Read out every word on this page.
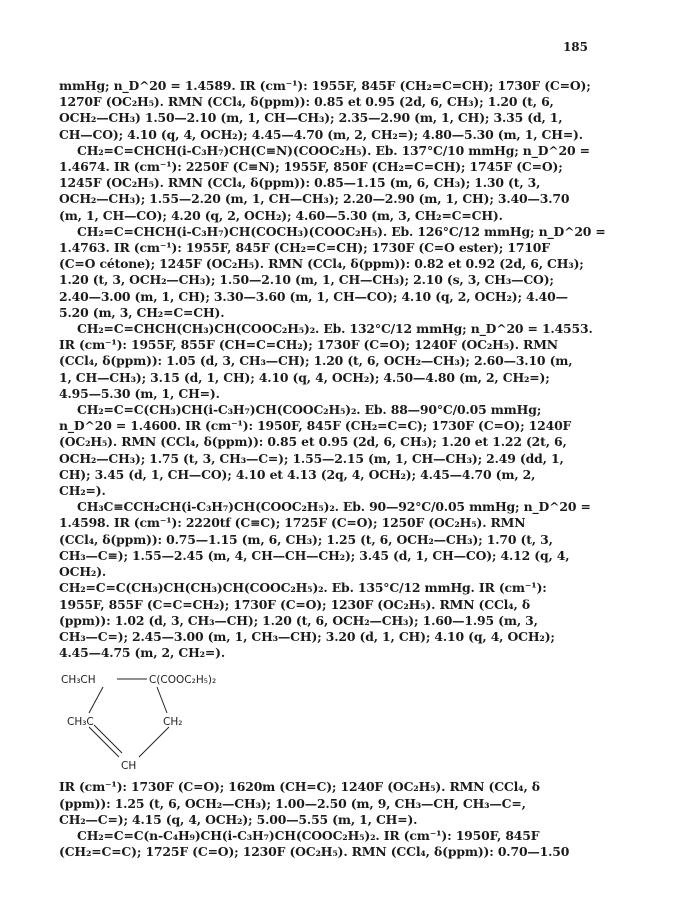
185
mmHg; n_D^20 = 1.4589. IR (cm⁻¹): 1955F, 845F (CH₂=C=CH); 1730F (C=O);
1270F (OC₂H₅). RMN (CCl₄, δ(ppm)): 0.85 et 0.95 (2d, 6, CH₃); 1.20 (t, 6,
OCH₂—CH₃) 1.50—2.10 (m, 1, CH—CH₃); 2.35—2.90 (m, 1, CH); 3.35 (d, 1,
CH—CO); 4.10 (q, 4, OCH₂); 4.45—4.70 (m, 2, CH₂=); 4.80—5.30 (m, 1, CH=).
CH₂=C=CHCH(i-C₃H₇)CH(C≡N)(COOC₂H₅). Eb. 137°C/10 mmHg; n_D^20 =
1.4674. IR (cm⁻¹): 2250F (C≡N); 1955F, 850F (CH₂=C=CH); 1745F (C=O);
1245F (OC₂H₅). RMN (CCl₄, δ(ppm)): 0.85—1.15 (m, 6, CH₃); 1.30 (t, 3,
OCH₂—CH₃); 1.55—2.20 (m, 1, CH—CH₃); 2.20—2.90 (m, 1, CH); 3.40—3.70
(m, 1, CH—CO); 4.20 (q, 2, OCH₂); 4.60—5.30 (m, 3, CH₂=C=CH).
CH₂=C=CHCH(i-C₃H₇)CH(COCH₃)(COOC₂H₅). Eb. 126°C/12 mmHg; n_D^20 =
1.4763. IR (cm⁻¹): 1955F, 845F (CH₂=C=CH); 1730F (C=O ester); 1710F
(C=O cétone); 1245F (OC₂H₅). RMN (CCl₄, δ(ppm)): 0.82 et 0.92 (2d, 6, CH₃);
1.20 (t, 3, OCH₂—CH₃); 1.50—2.10 (m, 1, CH—CH₃); 2.10 (s, 3, CH₃—CO);
2.40—3.00 (m, 1, CH); 3.30—3.60 (m, 1, CH—CO); 4.10 (q, 2, OCH₂); 4.40—
5.20 (m, 3, CH₂=C=CH).
CH₂=C=CHCH(CH₃)CH(COOC₂H₅)₂. Eb. 132°C/12 mmHg; n_D^20 = 1.4553.
IR (cm⁻¹): 1955F, 855F (CH=C=CH₂); 1730F (C=O); 1240F (OC₂H₅). RMN
(CCl₄, δ(ppm)): 1.05 (d, 3, CH₃—CH); 1.20 (t, 6, OCH₂—CH₃); 2.60—3.10 (m,
1, CH—CH₃); 3.15 (d, 1, CH); 4.10 (q, 4, OCH₂); 4.50—4.80 (m, 2, CH₂=);
4.95—5.30 (m, 1, CH=).
CH₂=C=C(CH₃)CH(i-C₃H₇)CH(COOC₂H₅)₂. Eb. 88—90°C/0.05 mmHg;
n_D^20 = 1.4600. IR (cm⁻¹): 1950F, 845F (CH₂=C=C); 1730F (C=O); 1240F
(OC₂H₅). RMN (CCl₄, δ(ppm)): 0.85 et 0.95 (2d, 6, CH₃); 1.20 et 1.22 (2t, 6,
OCH₂—CH₃); 1.75 (t, 3, CH₃—C=); 1.55—2.15 (m, 1, CH—CH₃); 2.49 (dd, 1,
CH); 3.45 (d, 1, CH—CO); 4.10 et 4.13 (2q, 4, OCH₂); 4.45—4.70 (m, 2,
CH₂=).
CH₃C≡CCH₂CH(i-C₃H₇)CH(COOC₂H₅)₂. Eb. 90—92°C/0.05 mmHg; n_D^20 =
1.4598. IR (cm⁻¹): 2220tf (C≡C); 1725F (C=O); 1250F (OC₂H₅). RMN
(CCl₄, δ(ppm)): 0.75—1.15 (m, 6, CH₃); 1.25 (t, 6, OCH₂—CH₃); 1.70 (t, 3,
CH₃—C≡); 1.55—2.45 (m, 4, CH—CH—CH₂); 3.45 (d, 1, CH—CO); 4.12 (q, 4,
OCH₂).
CH₂=C=C(CH₃)CH(CH₃)CH(COOC₂H₅)₂. Eb. 135°C/12 mmHg. IR (cm⁻¹):
1955F, 855F (C=C=CH₂); 1730F (C=O); 1230F (OC₂H₅). RMN (CCl₄, δ
(ppm)): 1.02 (d, 3, CH₃—CH); 1.20 (t, 6, OCH₂—CH₃); 1.60—1.95 (m, 3,
CH₃—C=); 2.45—3.00 (m, 1, CH₃—CH); 3.20 (d, 1, CH); 4.10 (q, 4, OCH₂);
4.45—4.75 (m, 2, CH₂=).
CH₃CH	C(COOC₂H₅)₂
CH₃C	CH₂
CH
IR (cm⁻¹): 1730F (C=O); 1620m (CH=C); 1240F (OC₂H₅). RMN (CCl₄, δ
(ppm)): 1.25 (t, 6, OCH₂—CH₃); 1.00—2.50 (m, 9, CH₃—CH, CH₃—C=,
CH₂—C=); 4.15 (q, 4, OCH₂); 5.00—5.55 (m, 1, CH=).
CH₂=C=C(n-C₄H₉)CH(i-C₃H₇)CH(COOC₂H₅)₂. IR (cm⁻¹): 1950F, 845F
(CH₂=C=C); 1725F (C=O); 1230F (OC₂H₅). RMN (CCl₄, δ(ppm)): 0.70—1.50
